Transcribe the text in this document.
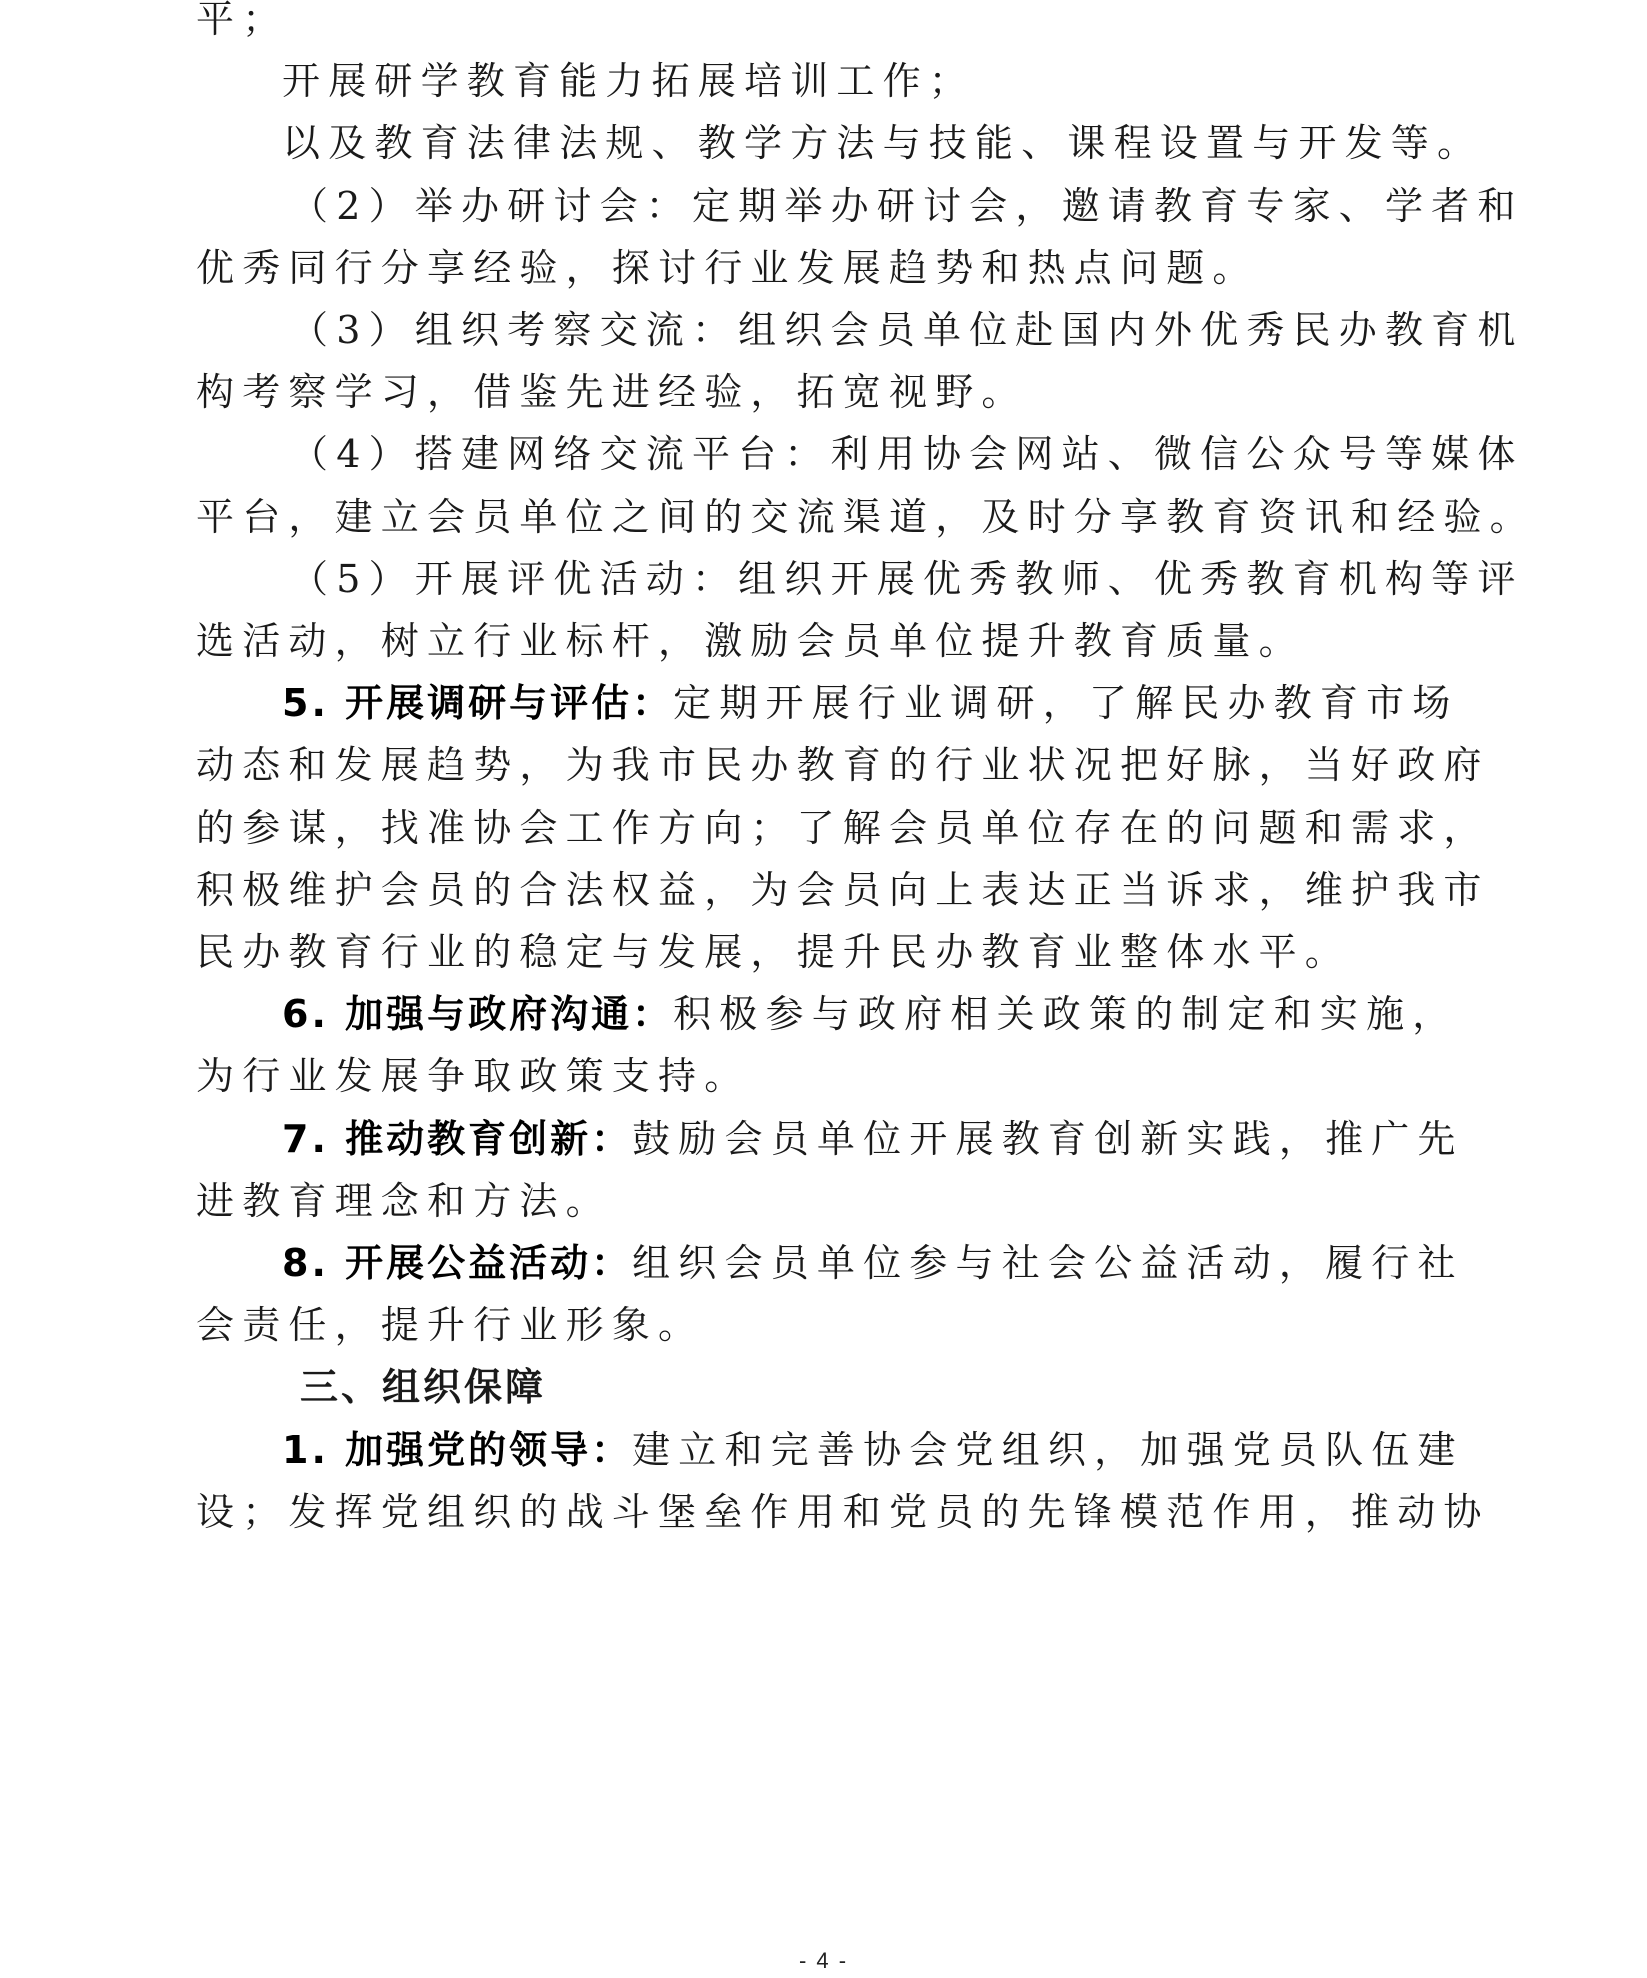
平；
开展研学教育能力拓展培训工作；
以及教育法律法规、教学方法与技能、课程设置与开发等。
（2）举办研讨会：定期举办研讨会，邀请教育专家、学者和
优秀同行分享经验，探讨行业发展趋势和热点问题。
（3）组织考察交流：组织会员单位赴国内外优秀民办教育机
构考察学习，借鉴先进经验，拓宽视野。
（4）搭建网络交流平台：利用协会网站、微信公众号等媒体
平台，建立会员单位之间的交流渠道，及时分享教育资讯和经验。
（5）开展评优活动：组织开展优秀教师、优秀教育机构等评
选活动，树立行业标杆，激励会员单位提升教育质量。
5. 开展调研与评估：定期开展行业调研，了解民办教育市场
动态和发展趋势，为我市民办教育的行业状况把好脉，当好政府
的参谋，找准协会工作方向；了解会员单位存在的问题和需求，
积极维护会员的合法权益，为会员向上表达正当诉求，维护我市
民办教育行业的稳定与发展，提升民办教育业整体水平。
6. 加强与政府沟通：积极参与政府相关政策的制定和实施，
为行业发展争取政策支持。
7. 推动教育创新：鼓励会员单位开展教育创新实践，推广先
进教育理念和方法。
8. 开展公益活动：组织会员单位参与社会公益活动，履行社
会责任，提升行业形象。
三、组织保障
1. 加强党的领导：建立和完善协会党组织，加强党员队伍建
设；发挥党组织的战斗堡垒作用和党员的先锋模范作用，推动协
- 4 -
